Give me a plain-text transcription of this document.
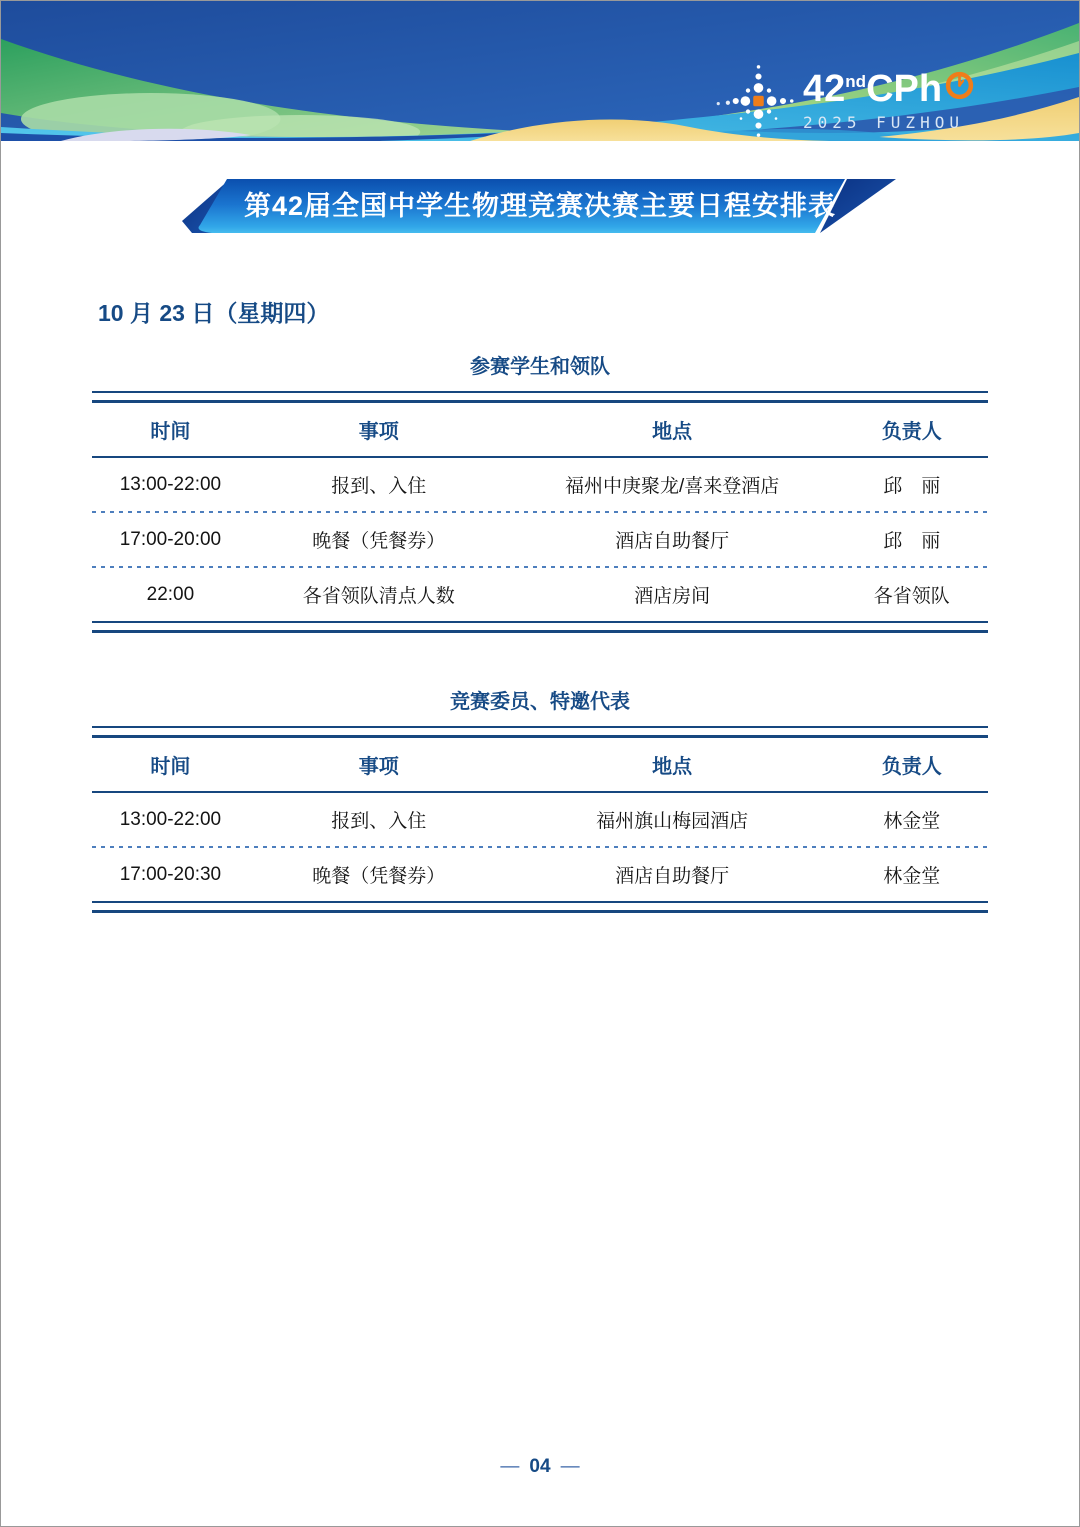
42 nd CPh
2025 FUZHOU
第42届全国中学生物理竞赛决赛主要日程安排表
10 月 23 日（星期四）
参赛学生和领队
时间	事项	地点	负责人
13:00-22:00	报到、入住	福州中庚聚龙/喜来登酒店	邱　丽
17:00-20:00	晚餐（凭餐券）	酒店自助餐厅	邱　丽
22:00	各省领队清点人数	酒店房间	各省领队
竞赛委员、特邀代表
时间	事项	地点	负责人
13:00-22:00	报到、入住	福州旗山梅园酒店	林金堂
17:00-20:30	晚餐（凭餐券）	酒店自助餐厅	林金堂
— 04 —
